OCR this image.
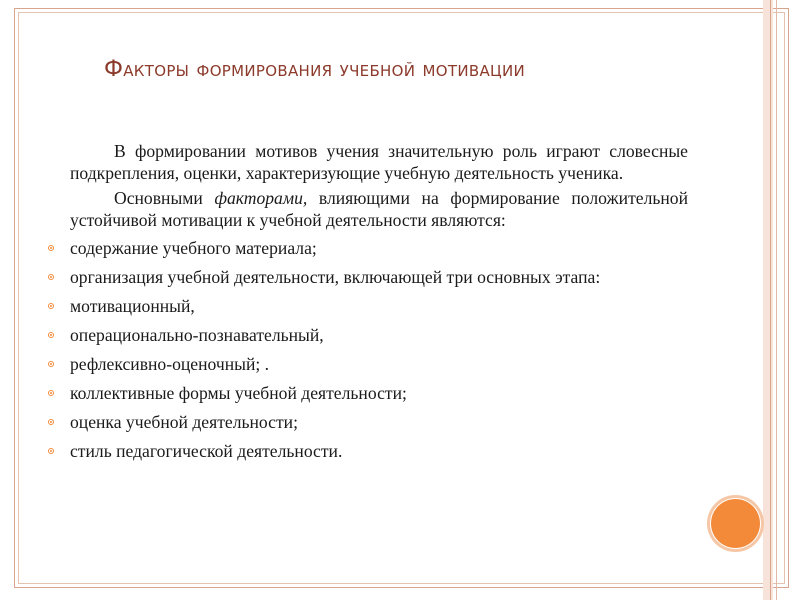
Факторы формирования учебной мотивации

В формировании мотивов учения значительную роль играют словесные подкрепления, оценки, характеризующие учебную деятельность ученика.

Основными факторами, влияющими на формирование положительной устойчивой мотивации к учебной деятельности являются:

содержание учебного материала;
организация учебной деятельности, включающей три основных этапа:
мотивационный,
операционально-познавательный,
рефлексивно-оценочный; .
коллективные формы учебной деятельности;
оценка учебной деятельности;
стиль педагогической деятельности.
